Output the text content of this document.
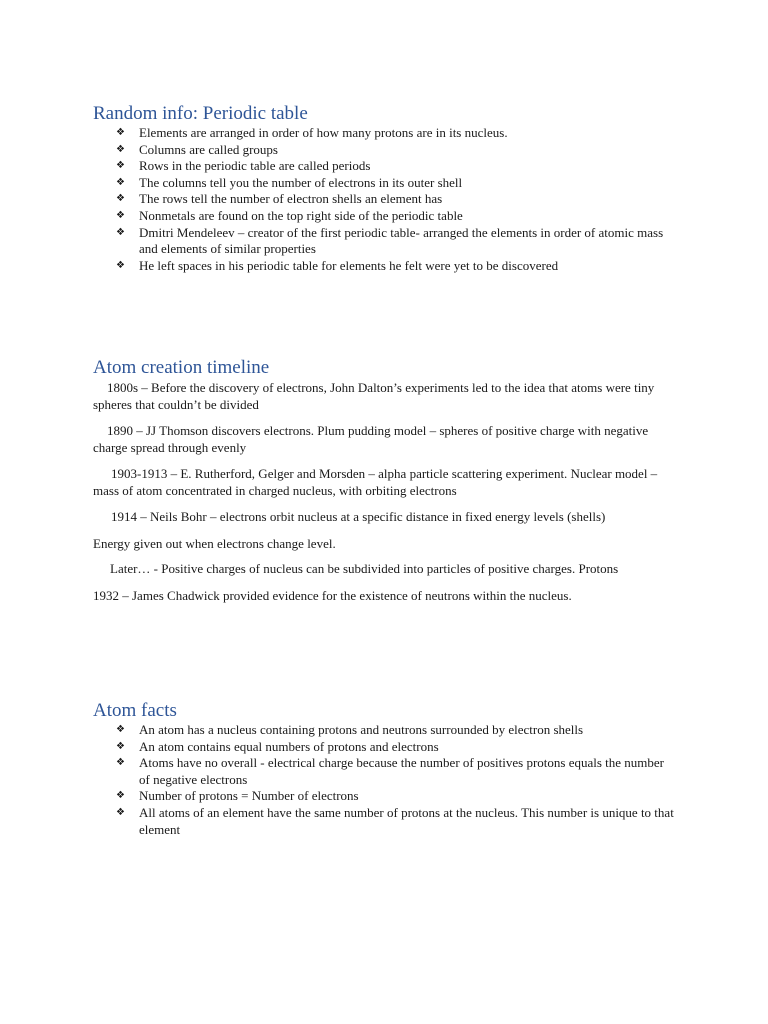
Random info: Periodic table
❖ Elements are arranged in order of how many protons are in its nucleus.
❖ Columns are called groups
❖ Rows in the periodic table are called periods
❖ The columns tell you the number of electrons in its outer shell
❖ The rows tell the number of electron shells an element has
❖ Nonmetals are found on the top right side of the periodic table
❖ Dmitri Mendeleev – creator of the first periodic table- arranged the elements in order of atomic mass and elements of similar properties
❖ He left spaces in his periodic table for elements he felt were yet to be discovered
Atom creation timeline

1800s – Before the discovery of electrons, John Dalton’s experiments led to the idea that atoms were tiny spheres that couldn’t be divided

1890 – JJ Thomson discovers electrons. Plum pudding model – spheres of positive charge with negative charge spread through evenly

1903-1913 – E. Rutherford, Gelger and Morsden – alpha particle scattering experiment. Nuclear model – mass of atom concentrated in charged nucleus, with orbiting electrons

1914 – Neils Bohr – electrons orbit nucleus at a specific distance in fixed energy levels (shells)

Energy given out when electrons change level.

Later… - Positive charges of nucleus can be subdivided into particles of positive charges. Protons

1932 – James Chadwick provided evidence for the existence of neutrons within the nucleus.

Atom facts
❖ An atom has a nucleus containing protons and neutrons surrounded by electron shells
❖ An atom contains equal numbers of protons and electrons
❖ Atoms have no overall - electrical charge because the number of positives protons equals the number of negative electrons
❖ Number of protons = Number of electrons
❖ All atoms of an element have the same number of protons at the nucleus. This number is unique to that element
